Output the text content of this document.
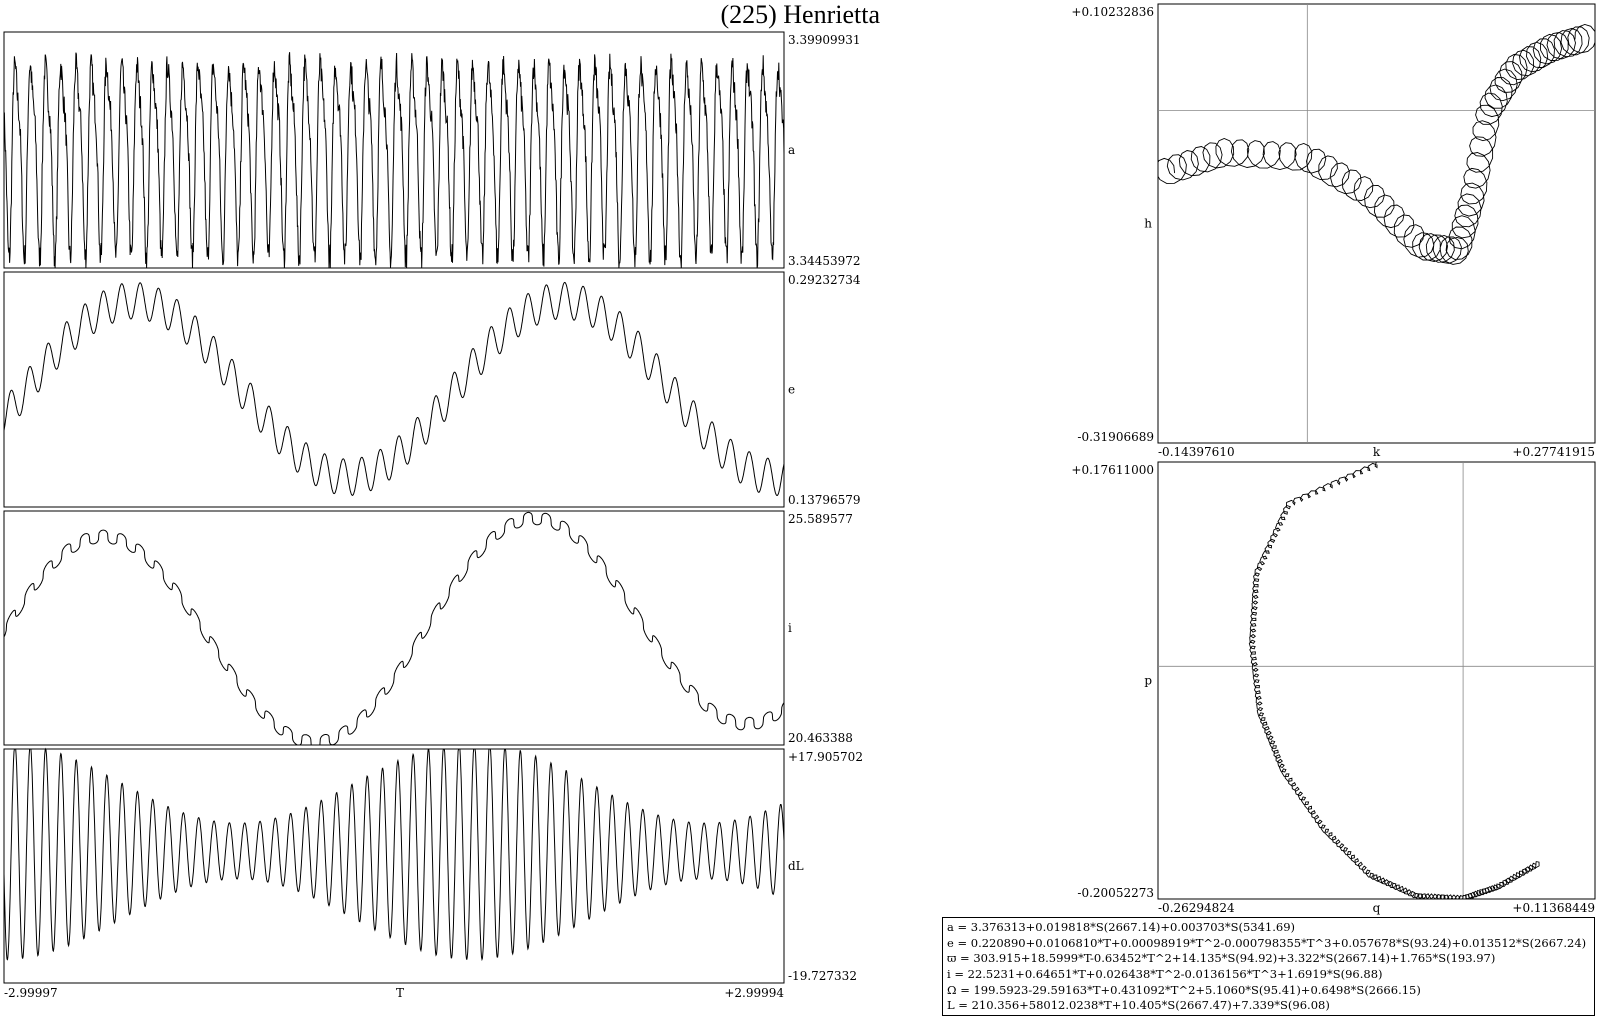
(225) Henrietta
3.39909931
3.34453972
a
0.29232734
0.13796579
e
25.589577
20.463388
i
+17.905702
-19.727332
dL
-2.99997	+2.99994
T
+0.10232836
-0.31906689
h
-0.14397610	+0.27741915
k
+0.17611000
-0.20052273
p
-0.26294824	+0.11368449
q
a = 3.376313+0.019818*S(2667.14)+0.003703*S(5341.69)
e = 0.220890+0.0106810*T+0.00098919*T^2-0.000798355*T^3+0.057678*S(93.24)+0.013512*S(2667.24)
ϖ = 303.915+18.5999*T-0.63452*T^2+14.135*S(94.92)+3.322*S(2667.14)+1.765*S(193.97)
i = 22.5231+0.64651*T+0.026438*T^2-0.0136156*T^3+1.6919*S(96.88)
Ω = 199.5923-29.59163*T+0.431092*T^2+5.1060*S(95.41)+0.6498*S(2666.15)
L = 210.356+58012.0238*T+10.405*S(2667.47)+7.339*S(96.08)
